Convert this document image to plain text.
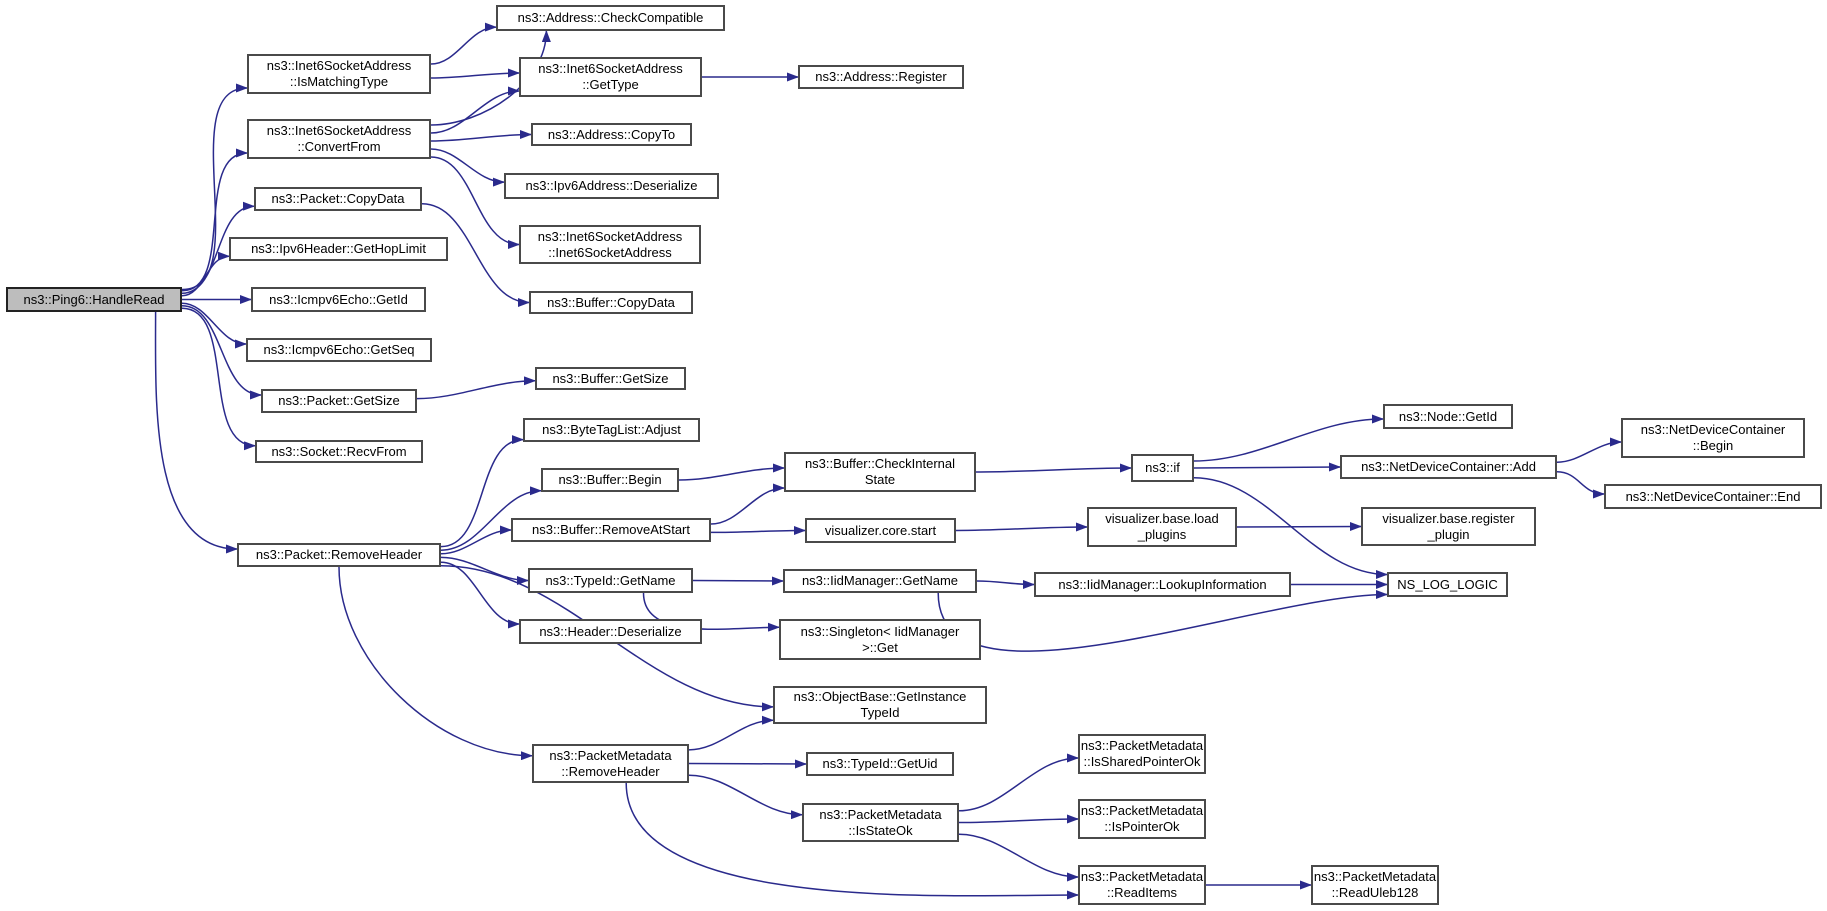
ns3::Ping6::HandleRead
ns3::Inet6SocketAddress
::IsMatchingType
ns3::Inet6SocketAddress
::ConvertFrom
ns3::Packet::CopyData
ns3::Ipv6Header::GetHopLimit
ns3::Icmpv6Echo::GetId
ns3::Icmpv6Echo::GetSeq
ns3::Packet::GetSize
ns3::Socket::RecvFrom
ns3::Packet::RemoveHeader
ns3::Address::CheckCompatible
ns3::Inet6SocketAddress
::GetType
ns3::Address::Register
ns3::Address::CopyTo
ns3::Ipv6Address::Deserialize
ns3::Inet6SocketAddress
::Inet6SocketAddress
ns3::Buffer::CopyData
ns3::Buffer::GetSize
ns3::ByteTagList::Adjust
ns3::Buffer::Begin
ns3::Buffer::RemoveAtStart
ns3::TypeId::GetName
ns3::Header::Deserialize
ns3::Buffer::CheckInternal
State
visualizer.core.start
ns3::IidManager::GetName
ns3::Singleton< IidManager
>::Get
ns3::ObjectBase::GetInstance
TypeId
ns3::PacketMetadata
::RemoveHeader	ns3::TypeId::GetUid
ns3::PacketMetadata
::IsStateOk
ns3::if
visualizer.base.load
_plugins
ns3::IidManager::LookupInformation
ns3::Node::GetId
ns3::NetDeviceContainer::Add
visualizer.base.register
_plugin
NS_LOG_LOGIC
ns3::NetDeviceContainer
::Begin
ns3::NetDeviceContainer::End
ns3::PacketMetadata
::IsSharedPointerOk
ns3::PacketMetadata
::IsPointerOk
ns3::PacketMetadata
::ReadItems
ns3::PacketMetadata
::ReadUleb128
